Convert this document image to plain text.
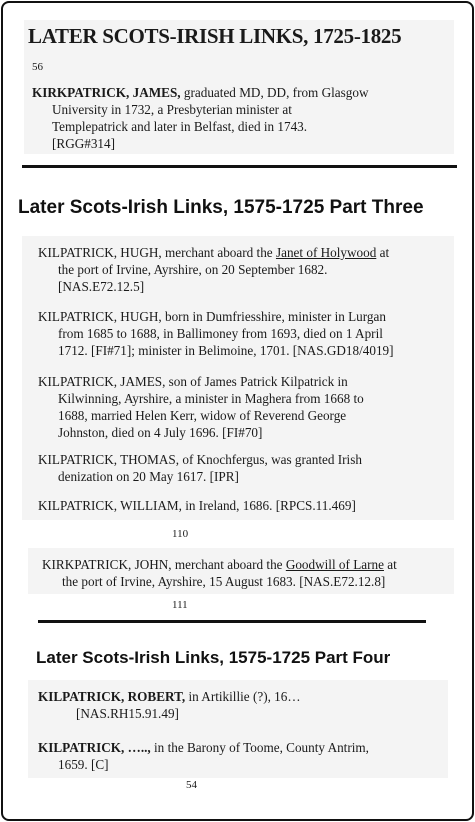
LATER SCOTS-IRISH LINKS, 1725-1825
56
KIRKPATRICK, JAMES, graduated MD, DD, from Glasgow
University in 1732, a Presbyterian minister at
Templepatrick and later in Belfast, died in 1743.
[RGG#314]
Later Scots-Irish Links, 1575-1725 Part Three
KILPATRICK, HUGH, merchant aboard the Janet of Holywood at
the port of Irvine, Ayrshire, on 20 September 1682.
[NAS.E72.12.5]
KILPATRICK, HUGH, born in Dumfriesshire, minister in Lurgan
from 1685 to 1688, in Ballimoney from 1693, died on 1 April
1712. [FI#71]; minister in Belimoine, 1701. [NAS.GD18/4019]
KILPATRICK, JAMES, son of James Patrick Kilpatrick in
Kilwinning, Ayrshire, a minister in Maghera from 1668 to
1688, married Helen Kerr, widow of Reverend George
Johnston, died on 4 July 1696. [FI#70]
KILPATRICK, THOMAS, of Knochfergus, was granted Irish
denization on 20 May 1617. [IPR]
KILPATRICK, WILLIAM, in Ireland, 1686. [RPCS.11.469]
110
KIRKPATRICK, JOHN, merchant aboard the Goodwill of Larne at
the port of Irvine, Ayrshire, 15 August 1683. [NAS.E72.12.8]
111
Later Scots-Irish Links, 1575-1725 Part Four
KILPATRICK, ROBERT, in Artikillie (?), 16…
[NAS.RH15.91.49]
KILPATRICK, ….., in the Barony of Toome, County Antrim,
1659. [C]
54
